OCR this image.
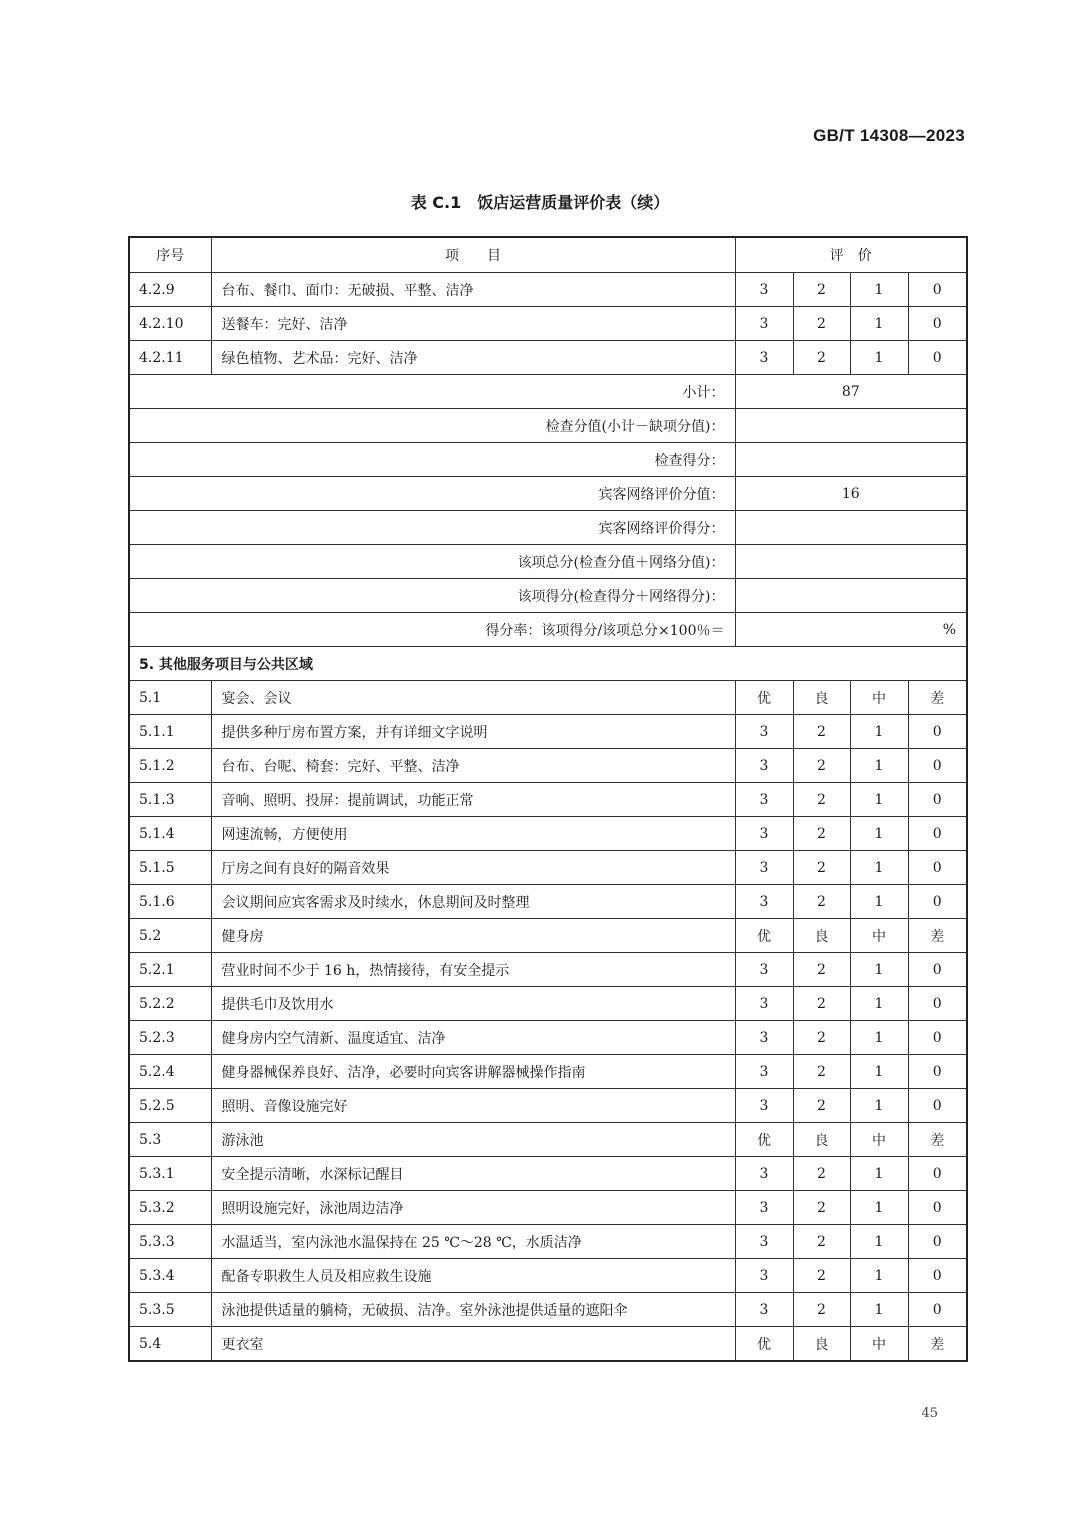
GB/T 14308—2023
表 C.1　饭店运营质量评价表（续）
序号	项　　目	评　价			
4.2.9	台布、餐巾、面巾：无破损、平整、洁净	3	2	1	0
4.2.10	送餐车：完好、洁净	3	2	1	0
4.2.11	绿色植物、艺术品：完好、洁净	3	2	1	0
小计：		87			
检查分值(小计－缺项分值)：					
检查得分：					
宾客网络评价分值：		16			
宾客网络评价得分：					
该项总分(检查分值＋网络分值)：					
该项得分(检查得分＋网络得分)：					
得分率：该项得分/该项总分×100％＝		%			
5. 其他服务项目与公共区域					
5.1	宴会、会议	优	良	中	差
5.1.1	提供多种厅房布置方案，并有详细文字说明	3	2	1	0
5.1.2	台布、台呢、椅套：完好、平整、洁净	3	2	1	0
5.1.3	音响、照明、投屏：提前调试，功能正常	3	2	1	0
5.1.4	网速流畅，方便使用	3	2	1	0
5.1.5	厅房之间有良好的隔音效果	3	2	1	0
5.1.6	会议期间应宾客需求及时续水，休息期间及时整理	3	2	1	0
5.2	健身房	优	良	中	差
5.2.1	营业时间不少于 16 h，热情接待，有安全提示	3	2	1	0
5.2.2	提供毛巾及饮用水	3	2	1	0
5.2.3	健身房内空气清新、温度适宜、洁净	3	2	1	0
5.2.4	健身器械保养良好、洁净，必要时向宾客讲解器械操作指南	3	2	1	0
5.2.5	照明、音像设施完好	3	2	1	0
5.3	游泳池	优	良	中	差
5.3.1	安全提示清晰，水深标记醒目	3	2	1	0
5.3.2	照明设施完好，泳池周边洁净	3	2	1	0
5.3.3	水温适当，室内泳池水温保持在 25 ℃～28 ℃，水质洁净	3	2	1	0
5.3.4	配备专职救生人员及相应救生设施	3	2	1	0
5.3.5	泳池提供适量的躺椅，无破损、洁净。室外泳池提供适量的遮阳伞	3	2	1	0
5.4	更衣室	优	良	中	差
45
